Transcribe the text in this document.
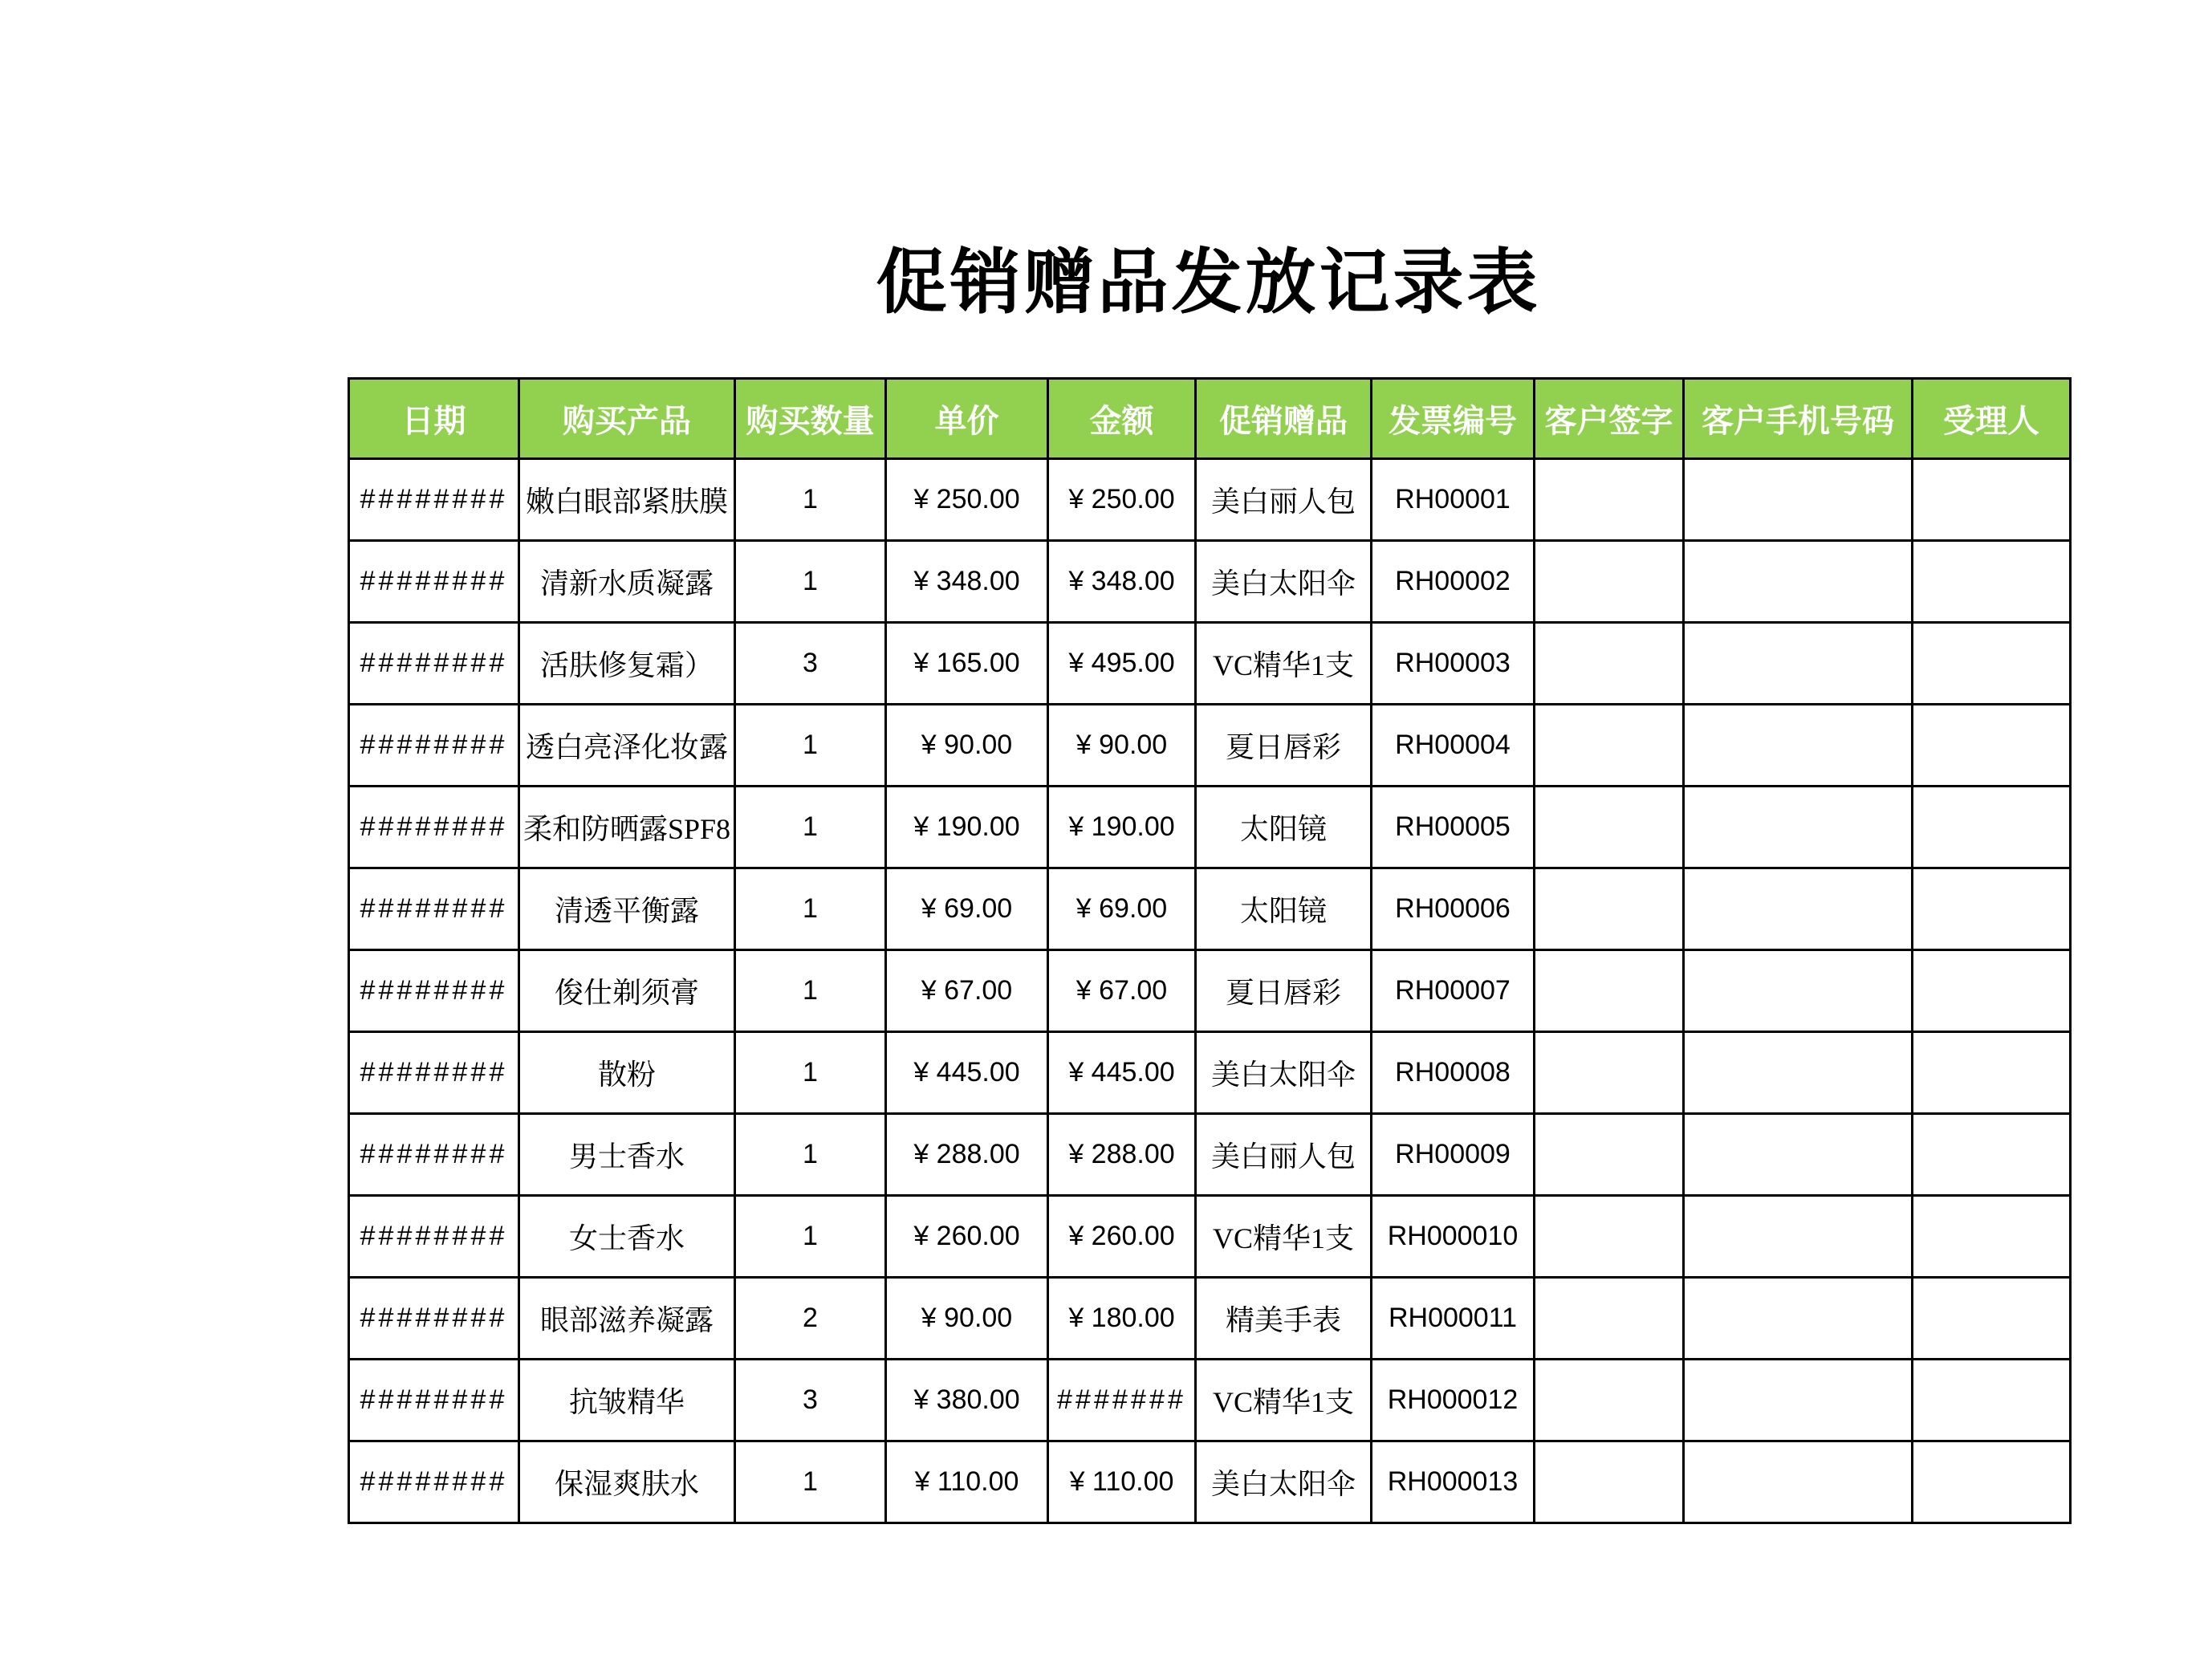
促销赠品发放记录表
日期	购买产品	购买数量	单价	金额	促销赠品	发票编号	客户签字	客户手机号码	受理人
########	嫩白眼部紧肤膜	1	¥ 250.00	¥ 250.00	美白丽人包	RH00001			
########	清新水质凝露	1	¥ 348.00	¥ 348.00	美白太阳伞	RH00002			
########	活肤修复霜）	3	¥ 165.00	¥ 495.00	VC精华1支	RH00003			
########	透白亮泽化妆露	1	¥ 90.00	¥ 90.00	夏日唇彩	RH00004			
########	柔和防晒露SPF8	1	¥ 190.00	¥ 190.00	太阳镜	RH00005			
########	清透平衡露	1	¥ 69.00	¥ 69.00	太阳镜	RH00006			
########	俊仕剃须膏	1	¥ 67.00	¥ 67.00	夏日唇彩	RH00007			
########	散粉	1	¥ 445.00	¥ 445.00	美白太阳伞	RH00008			
########	男士香水	1	¥ 288.00	¥ 288.00	美白丽人包	RH00009			
########	女士香水	1	¥ 260.00	¥ 260.00	VC精华1支	RH000010			
########	眼部滋养凝露	2	¥ 90.00	¥ 180.00	精美手表	RH000011			
########	抗皱精华	3	¥ 380.00	#######	VC精华1支	RH000012			
########	保湿爽肤水	1	¥ 110.00	¥ 110.00	美白太阳伞	RH000013			
